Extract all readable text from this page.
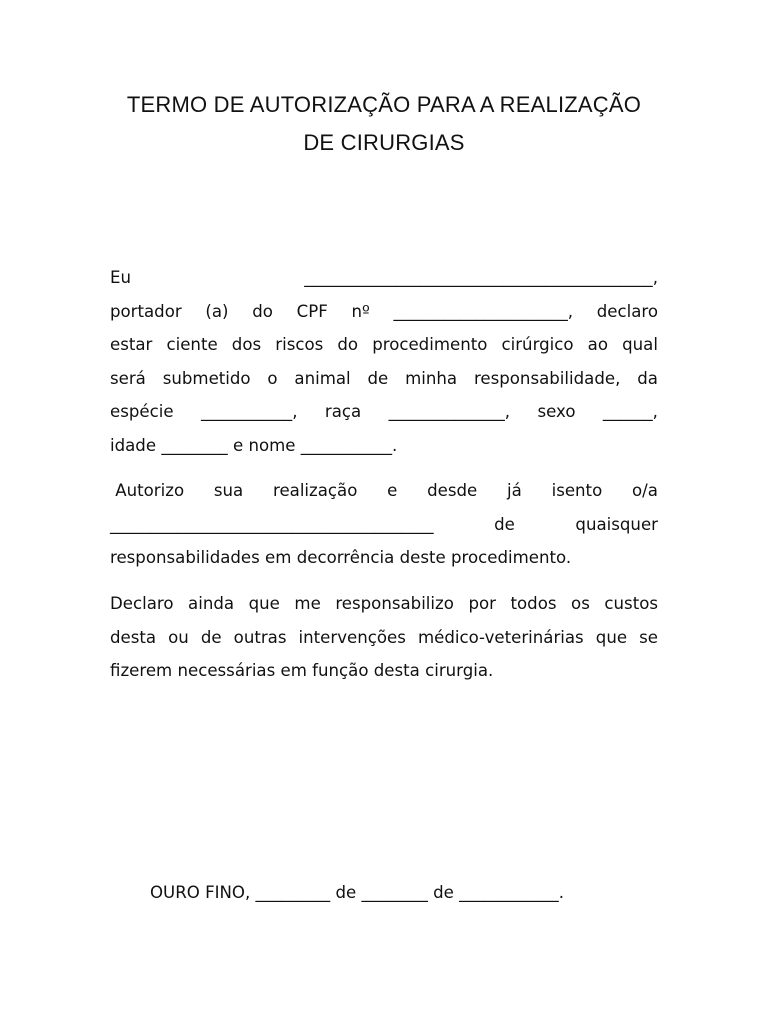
TERMO DE AUTORIZAÇÃO PARA A REALIZAÇÃO
DE CIRURGIAS
Eu	__________________________________________,
portador (a) do CPF nº _____________________, declaro
estar ciente dos riscos do procedimento cirúrgico ao qual
será submetido o animal de minha responsabilidade, da
espécie ___________, raça ______________, sexo ______,
idade ________ e nome ___________.
Autorizo sua realização e desde já isento o/a
_______________________________________	de	quaisquer
responsabilidades em decorrência deste procedimento.
Declaro ainda que me responsabilizo por todos os custos
desta ou de outras intervenções médico-veterinárias que se
fizerem necessárias em função desta cirurgia.
OURO FINO, _________ de ________ de ____________.
